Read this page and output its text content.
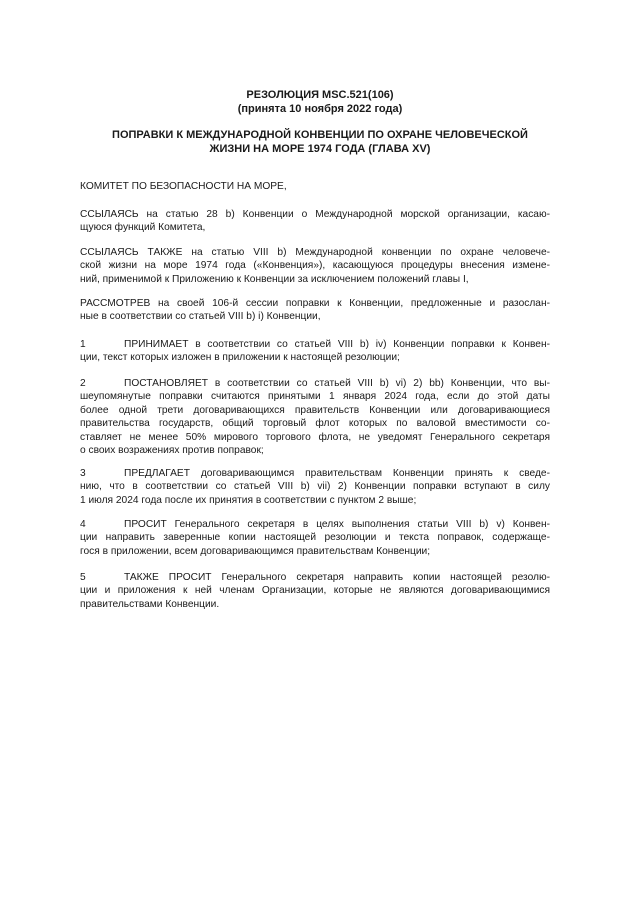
РЕЗОЛЮЦИЯ MSC.521(106)
(принята 10 ноября 2022 года)
ПОПРАВКИ К МЕЖДУНАРОДНОЙ КОНВЕНЦИИ ПО ОХРАНЕ ЧЕЛОВЕЧЕСКОЙ
ЖИЗНИ НА МОРЕ 1974 ГОДА (ГЛАВА XV)
КОМИТЕТ ПО БЕЗОПАСНОСТИ НА МОРЕ,
ССЫЛАЯСЬ на статью 28 b) Конвенции о Международной морской организации, касаю-
щуюся функций Комитета,
ССЫЛАЯСЬ ТАКЖЕ на статью VIII b) Международной конвенции по охране человече-
ской жизни на море 1974 года («Конвенция»), касающуюся процедуры внесения измене-
ний, применимой к Приложению к Конвенции за исключением положений главы I,
РАССМОТРЕВ на своей 106-й сессии поправки к Конвенции, предложенные и разослан-
ные в соответствии со статьей VIII b) i) Конвенции,
1	ПРИНИМАЕТ в соответствии со статьей VIII b) iv) Конвенции поправки к Конвен-
ции, текст которых изложен в приложении к настоящей резолюции;
2	ПОСТАНОВЛЯЕТ в соответствии со статьей VIII b) vi) 2) bb) Конвенции, что вы-
шеупомянутые поправки считаются принятыми 1 января 2024 года, если до этой даты
более одной трети договаривающихся правительств Конвенции или договаривающиеся
правительства государств, общий торговый флот которых по валовой вместимости со-
ставляет не менее 50% мирового торгового флота, не уведомят Генерального секретаря
о своих возражениях против поправок;
3	ПРЕДЛАГАЕТ договаривающимся правительствам Конвенции принять к сведе-
нию, что в соответствии со статьей VIII b) vii) 2) Конвенции поправки вступают в силу
1 июля 2024 года после их принятия в соответствии с пунктом 2 выше;
4	ПРОСИТ Генерального секретаря в целях выполнения статьи VIII b) v) Конвен-
ции направить заверенные копии настоящей резолюции и текста поправок, содержаще-
гося в приложении, всем договаривающимся правительствам Конвенции;
5	ТАКЖЕ ПРОСИТ Генерального секретаря направить копии настоящей резолю-
ции и приложения к ней членам Организации, которые не являются договаривающимися
правительствами Конвенции.
